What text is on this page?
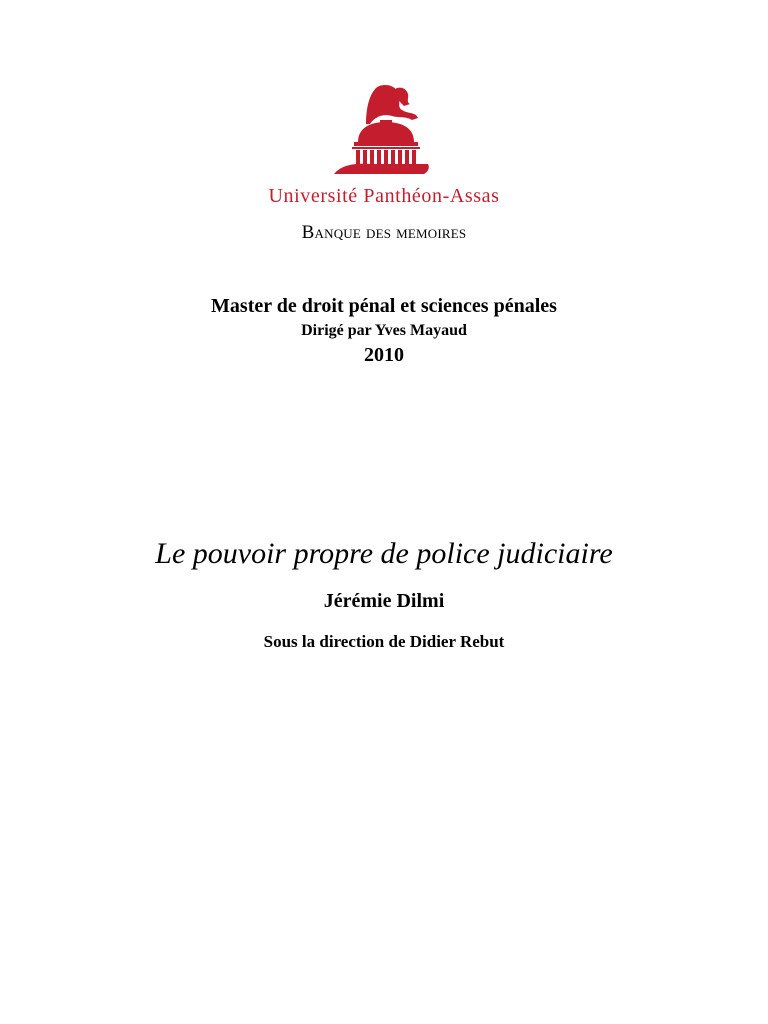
Université Panthéon-Assas
Banque des memoires
Master de droit pénal et sciences pénales
Dirigé par Yves Mayaud
2010
Le pouvoir propre de police judiciaire
Jérémie Dilmi
Sous la direction de Didier Rebut
